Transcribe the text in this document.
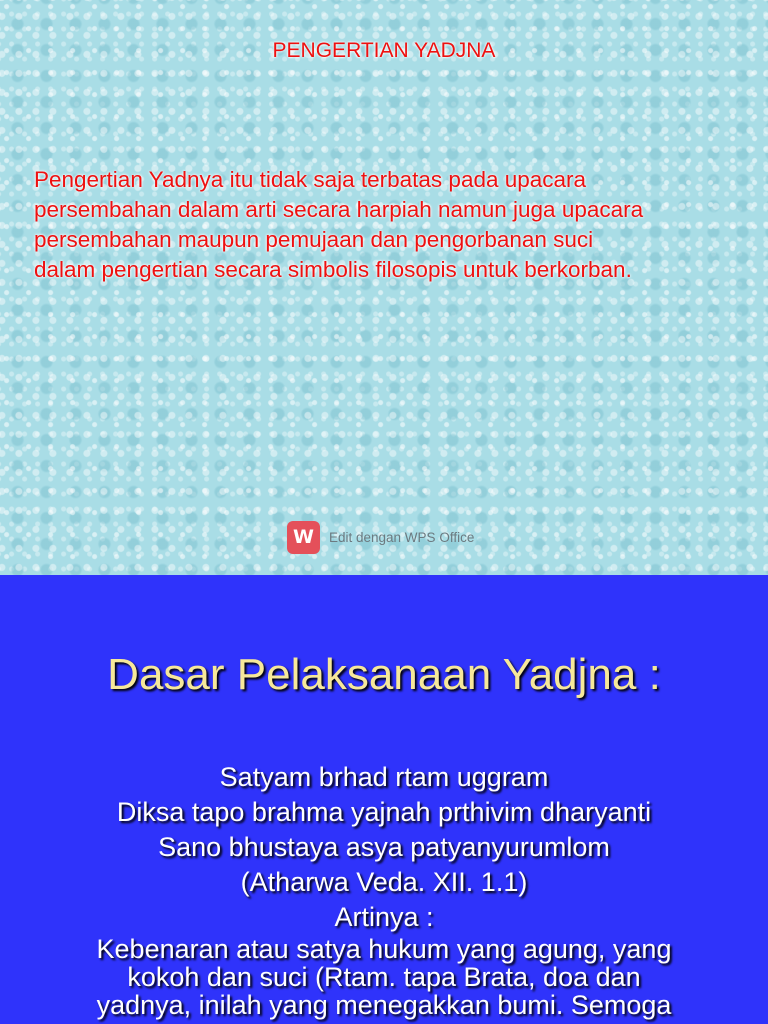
PENGERTIAN YADJNA
Pengertian Yadnya itu tidak saja terbatas pada upacara
persembahan dalam arti secara harpiah namun juga upacara
persembahan maupun pemujaan dan pengorbanan suci
dalam pengertian secara simbolis filosopis untuk berkorban.
W	Edit dengan WPS Office
Dasar Pelaksanaan Yadjna :
Satyam brhad rtam uggram
Diksa tapo brahma yajnah prthivim dharyanti
Sano bhustaya asya patyanyurumlom
(Atharwa Veda. XII. 1.1)
Artinya :
Kebenaran atau satya hukum yang agung, yang
kokoh dan suci (Rtam. tapa Brata, doa dan
yadnya, inilah yang menegakkan bumi. Semoga
